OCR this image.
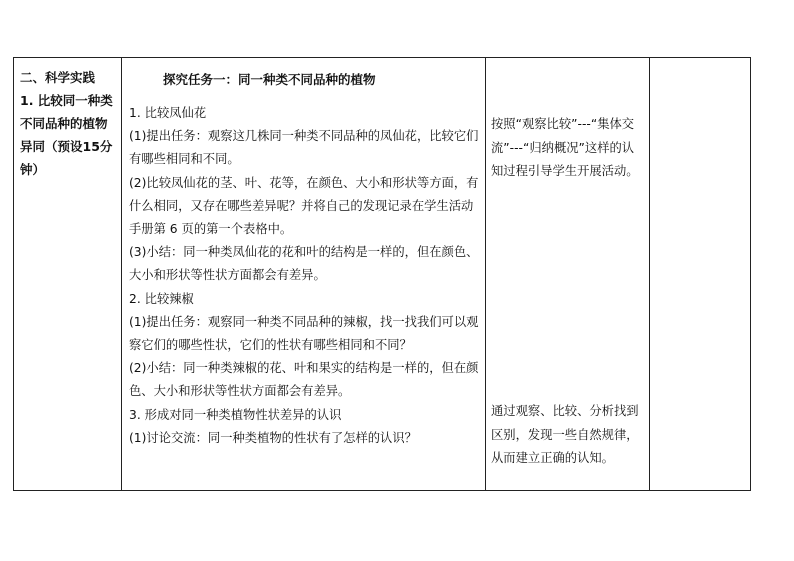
二、科学实践

1. 比较同一种类不同品种的植物异同（预设15分钟）

探究任务一：同一种类不同品种的植物

1. 比较凤仙花

(1)提出任务：观察这几株同一种类不同品种的凤仙花，比较它们有哪些相同和不同。

(2)比较凤仙花的茎、叶、花等，在颜色、大小和形状等方面，有什么相同，又存在哪些差异呢？并将自己的发现记录在学生活动手册第 6 页的第一个表格中。

(3)小结：同一种类凤仙花的花和叶的结构是一样的，但在颜色、大小和形状等性状方面都会有差异。

2. 比较辣椒

(1)提出任务：观察同一种类不同品种的辣椒，找一找我们可以观察它们的哪些性状，它们的性状有哪些相同和不同？

(2)小结：同一种类辣椒的花、叶和果实的结构是一样的，但在颜色、大小和形状等性状方面都会有差异。

3. 形成对同一种类植物性状差异的认识

(1)讨论交流：同一种类植物的性状有了怎样的认识？

按照“观察比较”---“集体交流”---“归纳概况”这样的认知过程引导学生开展活动。

通过观察、比较、分析找到区别，发现一些自然规律，从而建立正确的认知。
